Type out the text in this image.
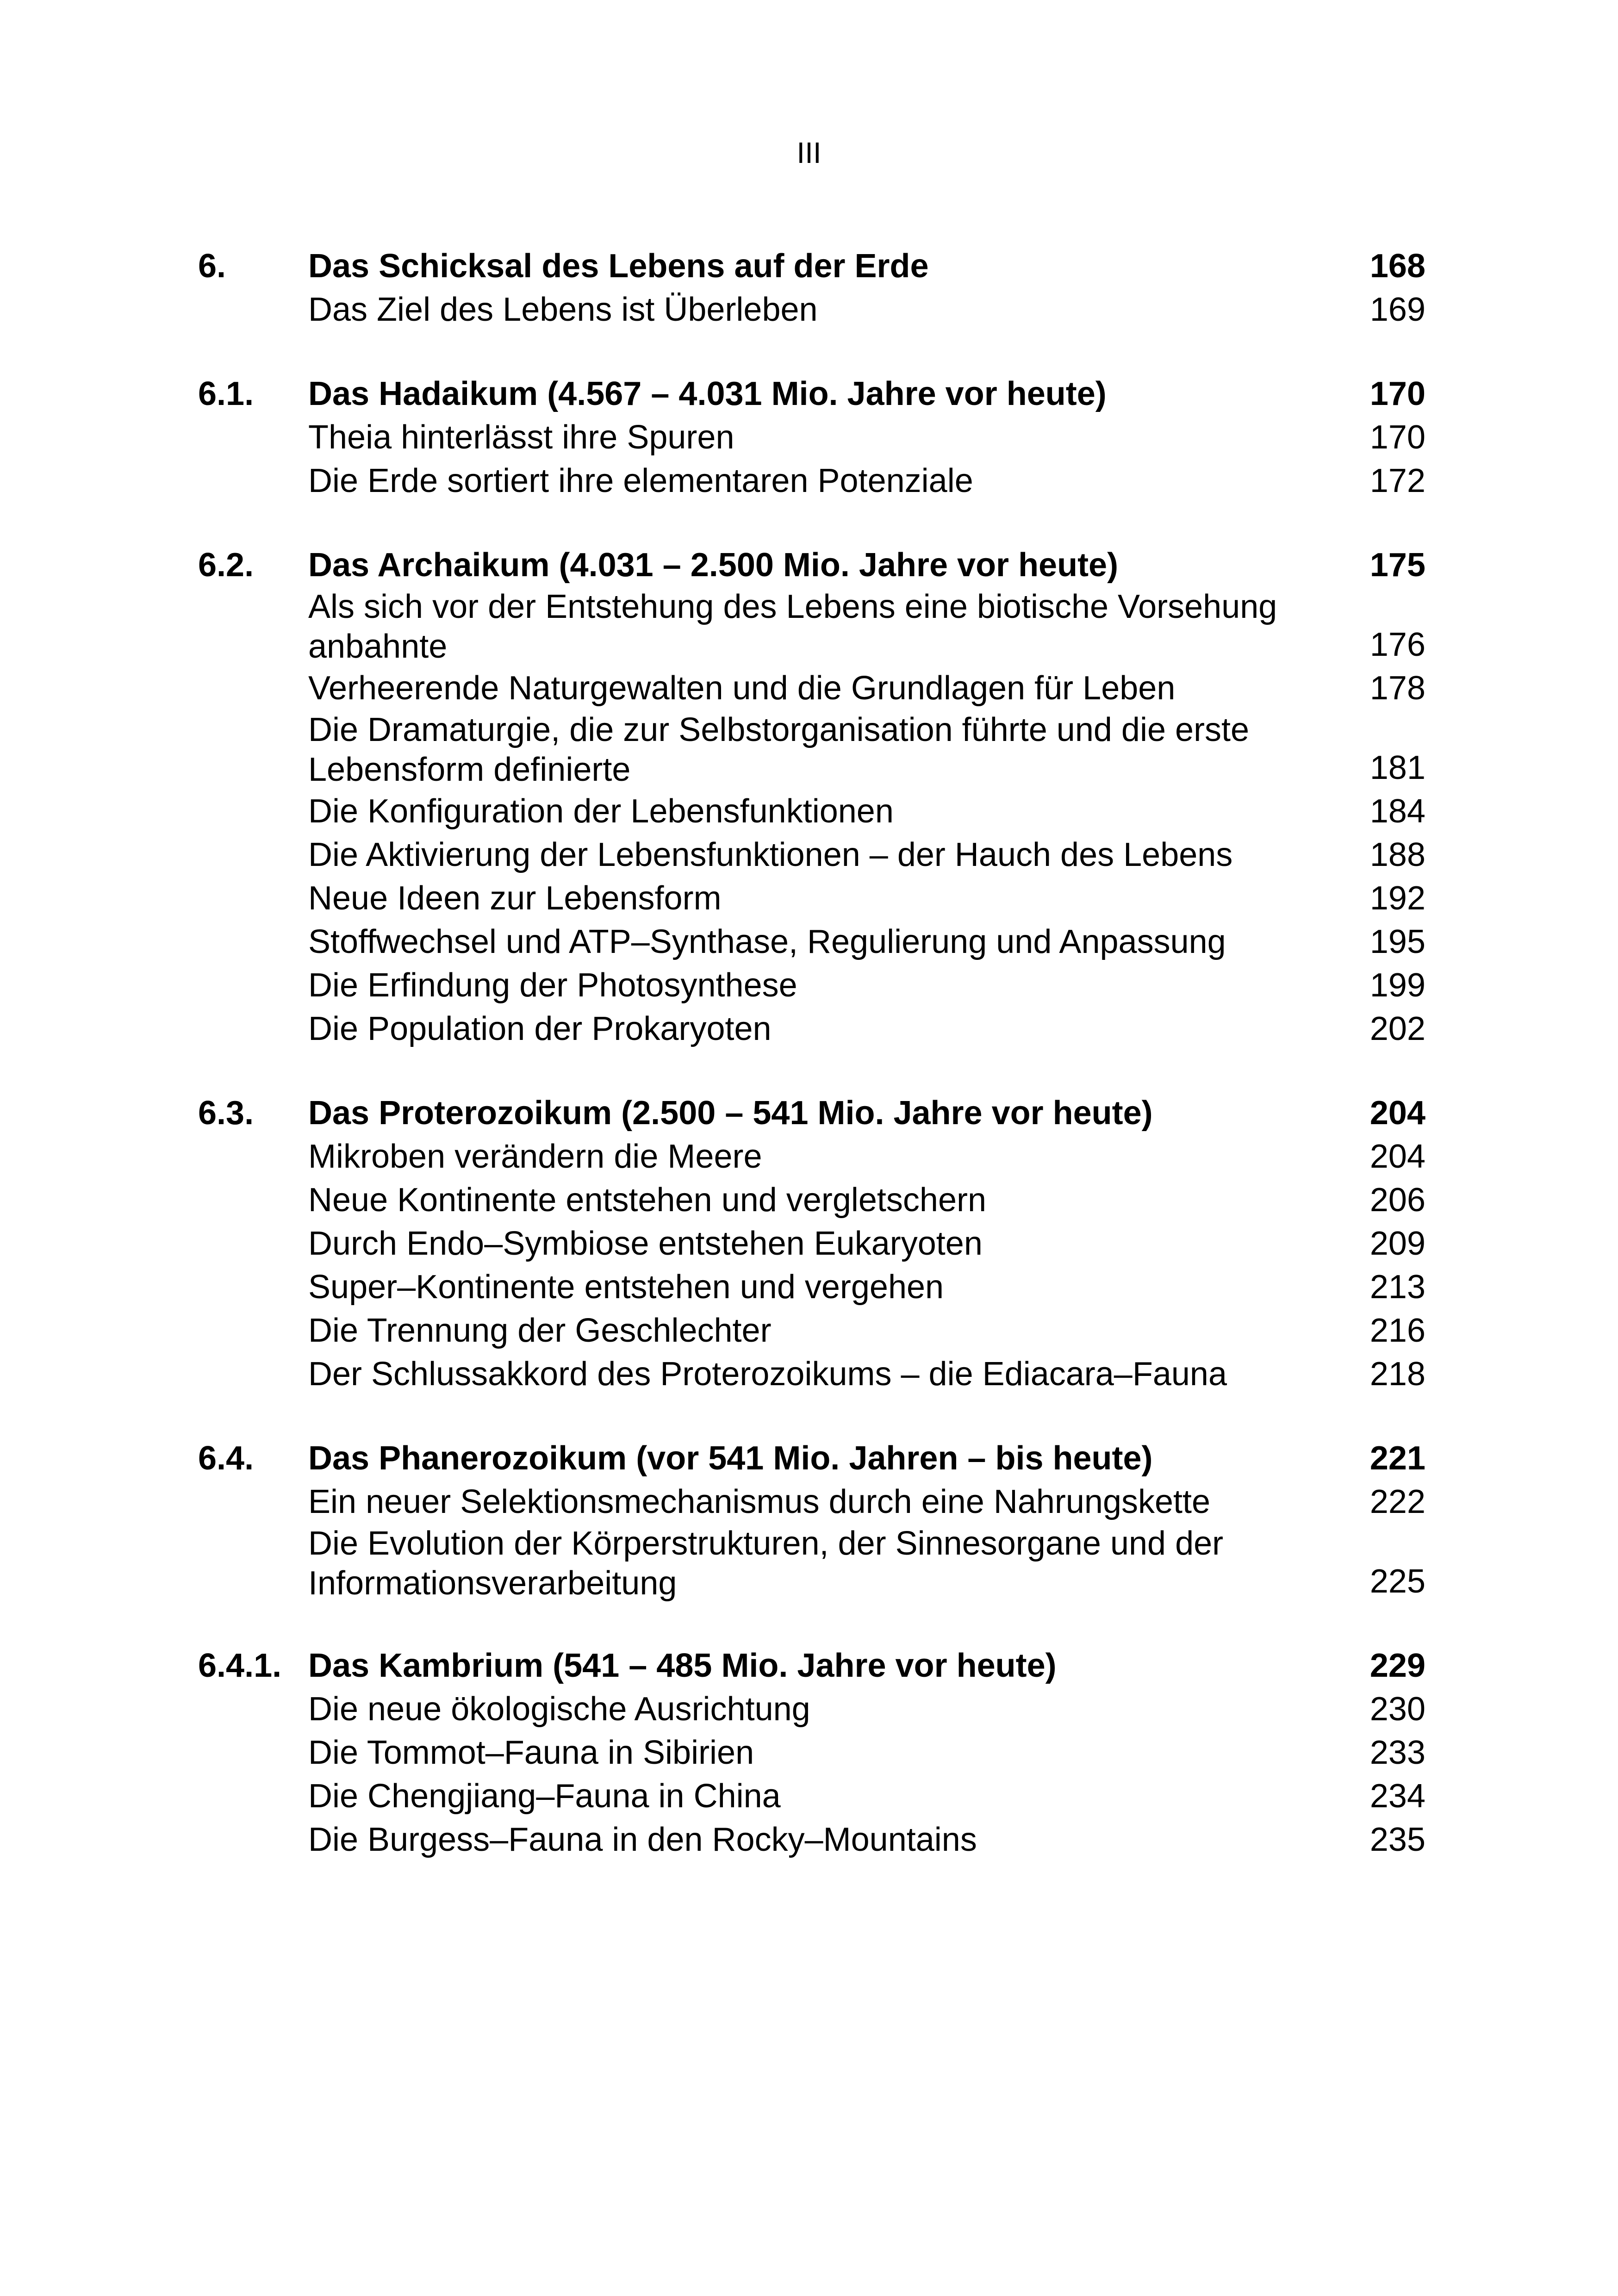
III
6.	Das Schicksal des Lebens auf der Erde	168
Das Ziel des Lebens ist Überleben	169
6.1.	Das Hadaikum (4.567 – 4.031 Mio. Jahre vor heute)	170
Theia hinterlässt ihre Spuren	170
Die Erde sortiert ihre elementaren Potenziale	172
6.2.	Das Archaikum (4.031 – 2.500 Mio. Jahre vor heute)	175
Als sich vor der Entstehung des Lebens eine biotische Vorsehung anbahnte	176
Verheerende Naturgewalten und die Grundlagen für Leben	178
Die Dramaturgie, die zur Selbstorganisation führte und die erste Lebensform definierte	181
Die Konfiguration der Lebensfunktionen	184
Die Aktivierung der Lebensfunktionen – der Hauch des Lebens	188
Neue Ideen zur Lebensform	192
Stoffwechsel und ATP–Synthase, Regulierung und Anpassung	195
Die Erfindung der Photosynthese	199
Die Population der Prokaryoten	202
6.3.	Das Proterozoikum (2.500 – 541 Mio. Jahre vor heute)	204
Mikroben verändern die Meere	204
Neue Kontinente entstehen und vergletschern	206
Durch Endo–Symbiose entstehen Eukaryoten	209
Super–Kontinente entstehen und vergehen	213
Die Trennung der Geschlechter	216
Der Schlussakkord des Proterozoikums – die Ediacara–Fauna	218
6.4.	Das Phanerozoikum (vor 541 Mio. Jahren – bis heute)	221
Ein neuer Selektionsmechanismus durch eine Nahrungskette	222
Die Evolution der Körperstrukturen, der Sinnesorgane und der Informationsverarbeitung	225
6.4.1. Das Kambrium (541 – 485 Mio. Jahre vor heute)	229
Die neue ökologische Ausrichtung	230
Die Tommot–Fauna in Sibirien	233
Die Chengjiang–Fauna in China	234
Die Burgess–Fauna in den Rocky–Mountains	235
